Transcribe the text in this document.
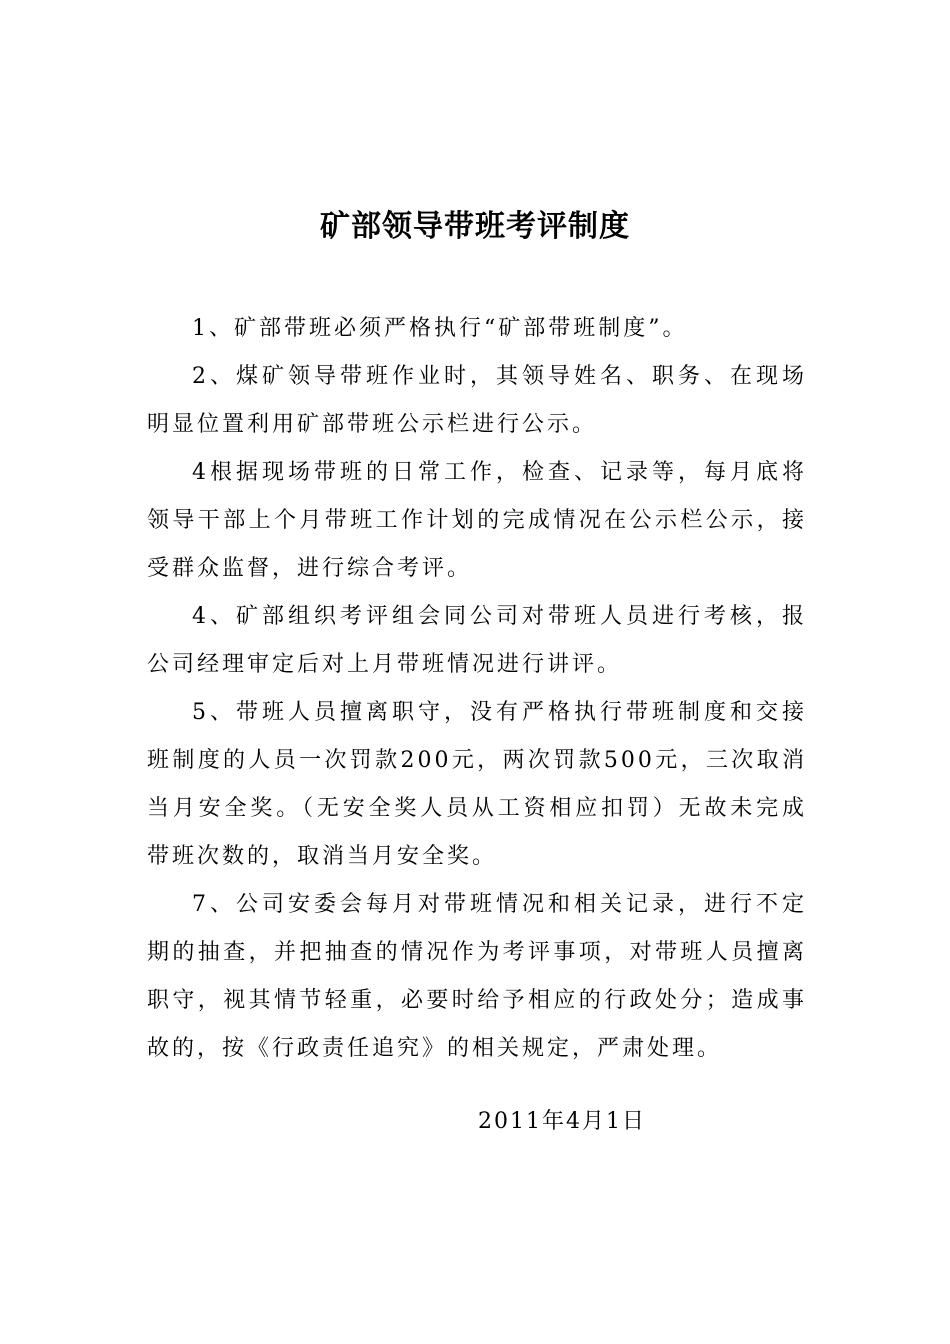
矿部领导带班考评制度

1、矿部带班必须严格执行“矿部带班制度”。

2、煤矿领导带班作业时，其领导姓名、职务、在现场明显位置利用矿部带班公示栏进行公示。

4根据现场带班的日常工作，检查、记录等，每月底将领导干部上个月带班工作计划的完成情况在公示栏公示，接受群众监督，进行综合考评。

4、矿部组织考评组会同公司对带班人员进行考核，报公司经理审定后对上月带班情况进行讲评。

5、带班人员擅离职守，没有严格执行带班制度和交接班制度的人员一次罚款200元，两次罚款500元，三次取消当月安全奖。（无安全奖人员从工资相应扣罚）无故未完成带班次数的，取消当月安全奖。

7、公司安委会每月对带班情况和相关记录，进行不定期的抽查，并把抽查的情况作为考评事项，对带班人员擅离职守，视其情节轻重，必要时给予相应的行政处分；造成事故的，按《行政责任追究》的相关规定，严肃处理。

2011年4月1日
